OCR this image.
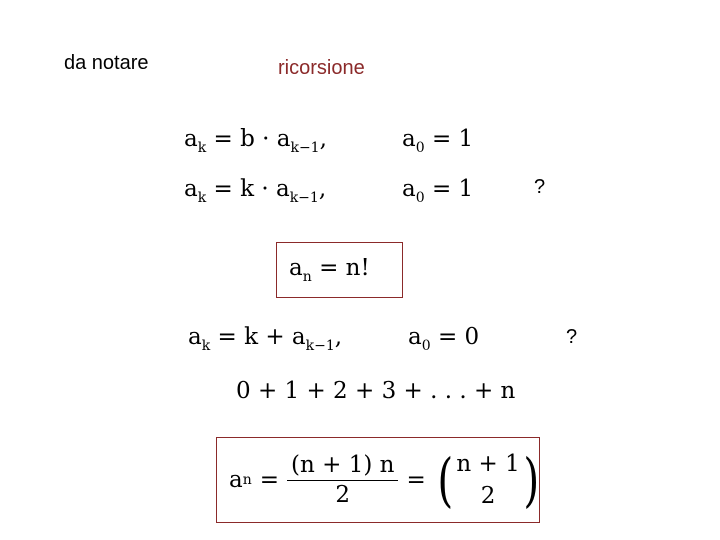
da notare	ricorsione
$a_k = b \cdot a_{k-1}$,	$a_0 = 1$
$a_k = k \cdot a_{k-1}$,	$a_0 = 1$	?
$a_n = n$!
$a_k = k + a_{k-1}$,	$a_0 = 0$	?
0 + 1 + 2 + 3 + . . . + n
a $n = \frac{(n + 1) n}{2}$ = ( n + 1
2 )
